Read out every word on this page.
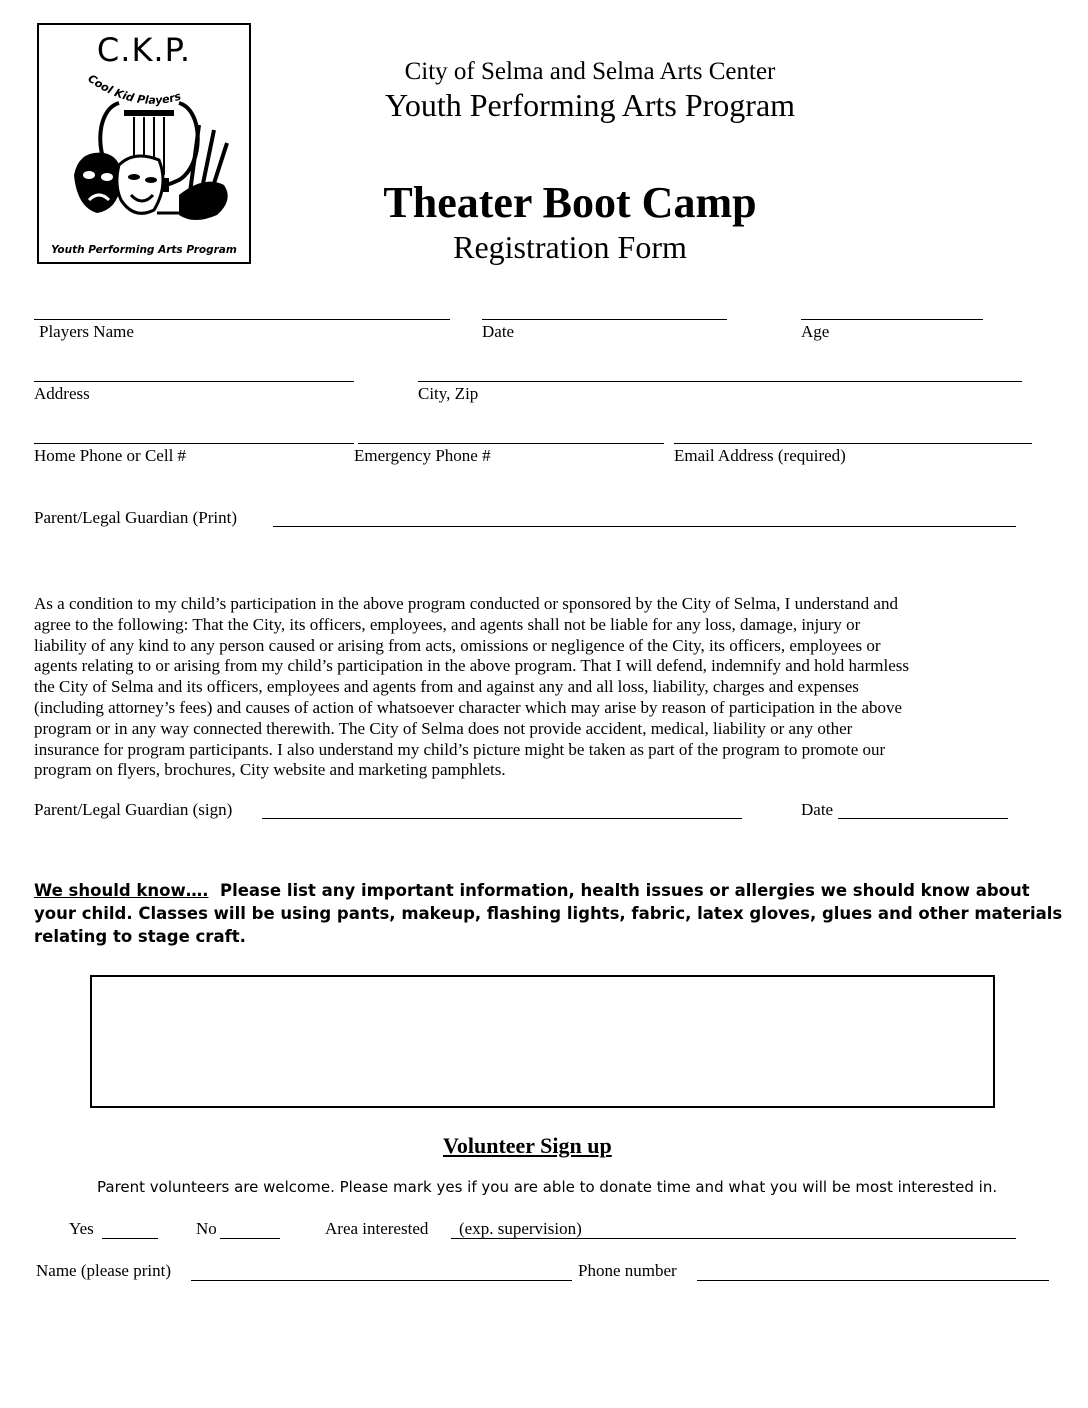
C.K.P.
Cool Kid Players
Youth Performing Arts Program
City of Selma and Selma Arts Center
Youth Performing Arts Program
Theater Boot Camp
Registration Form
Players Name	Date	Age
Address	City, Zip
Home Phone or Cell #	Emergency Phone #	Email Address (required)
Parent/Legal Guardian (Print)
As a condition to my child’s participation in the above program conducted or sponsored by the City of Selma, I understand and
agree to the following: That the City, its officers, employees, and agents shall not be liable for any loss, damage, injury or
liability of any kind to any person caused or arising from acts, omissions or negligence of the City, its officers, employees or
agents relating to or arising from my child’s participation in the above program. That I will defend, indemnify and hold harmless
the City of Selma and its officers, employees and agents from and against any and all loss, liability, charges and expenses
(including attorney’s fees) and causes of action of whatsoever character which may arise by reason of participation in the above
program or in any way connected therewith. The City of Selma does not provide accident, medical, liability or any other
insurance for program participants. I also understand my child’s picture might be taken as part of the program to promote our
program on flyers, brochures, City website and marketing pamphlets.
Parent/Legal Guardian (sign)	Date
We should know…. Please list any important information, health issues or allergies we should know about
your child. Classes will be using pants, makeup, flashing lights, fabric, latex gloves, glues and other materials
relating to stage craft.
Volunteer Sign up
Parent volunteers are welcome. Please mark yes if you are able to donate time and what you will be most interested in.
Yes	No	Area interested (exp. supervision)
Name (please print)	Phone number
